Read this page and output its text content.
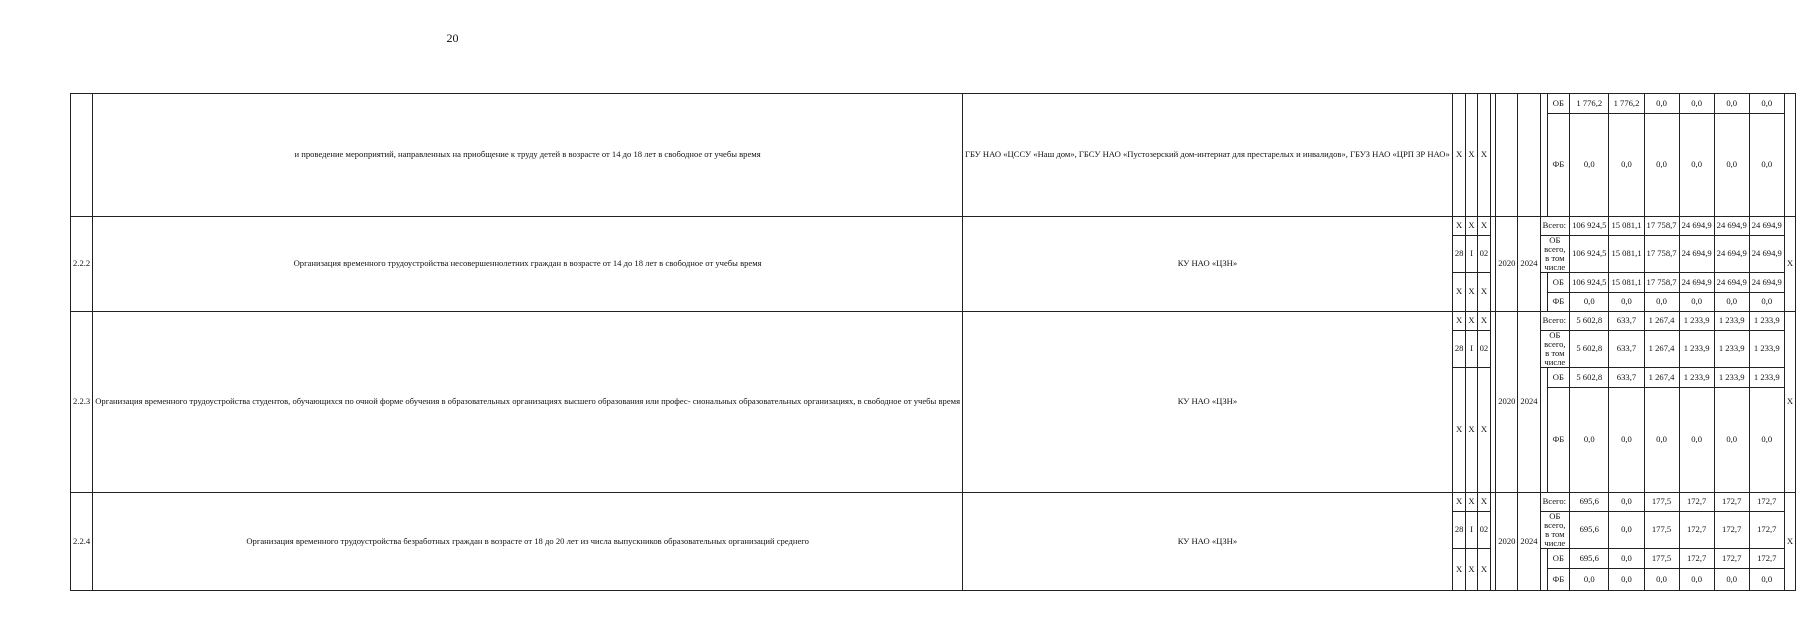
20
	и проведение мероприятий, направленных на приобщение к труду детей в возрасте от 14 до 18 лет в свободное от учебы время	ГБУ НАО «ЦССУ «Наш дом», ГБСУ НАО «Пустозерский дом-интернат для престарелых и инвалидов», ГБУЗ НАО «ЦРП ЗР НАО»	Х	Х	Х					ОБ	1 776,2	1 776,2	0,0	0,0	0,0	0,0	
										ФБ	0,0	0,0	0,0	0,0	0,0	0,0	
2.2.2	Организация временного трудоустройства несовершеннолетних граждан в возрасте от 14 до 18 лет в свободное от учебы время	КУ НАО «ЦЗН»	Х	Х	Х		2020	2024	Всего:		106 924,5	15 081,1	17 758,7	24 694,9	24 694,9	24 694,9	Х
			28	I	02				ОБ всего, в том числе		106 924,5	15 081,1	17 758,7	24 694,9	24 694,9	24 694,9	
			Х	Х	Х					ОБ	106 924,5	15 081,1	17 758,7	24 694,9	24 694,9	24 694,9	
										ФБ	0,0	0,0	0,0	0,0	0,0	0,0	
2.2.3	Организация временного трудоустройства студентов, обучающихся по очной форме обучения в образовательных организациях высшего образования или профес- сиональных образовательных организациях, в свободное от учебы время	КУ НАО «ЦЗН»	Х	Х	Х		2020	2024	Всего:		5 602,8	633,7	1 267,4	1 233,9	1 233,9	1 233,9	Х
			28	I	02				ОБ всего, в том числе		5 602,8	633,7	1 267,4	1 233,9	1 233,9	1 233,9	
			Х	Х	Х					ОБ	5 602,8	633,7	1 267,4	1 233,9	1 233,9	1 233,9	
										ФБ	0,0	0,0	0,0	0,0	0,0	0,0	
2.2.4	Организация временного трудоустройства безработных граждан в возрасте от 18 до 20 лет из числа выпускников образовательных организаций среднего	КУ НАО «ЦЗН»	Х	Х	Х		2020	2024	Всего:		695,6	0,0	177,5	172,7	172,7	172,7	Х
			28	I	02				ОБ всего, в том числе		695,6	0,0	177,5	172,7	172,7	172,7	
			Х	Х	Х					ОБ	695,6	0,0	177,5	172,7	172,7	172,7	
										ФБ	0,0	0,0	0,0	0,0	0,0	0,0	
